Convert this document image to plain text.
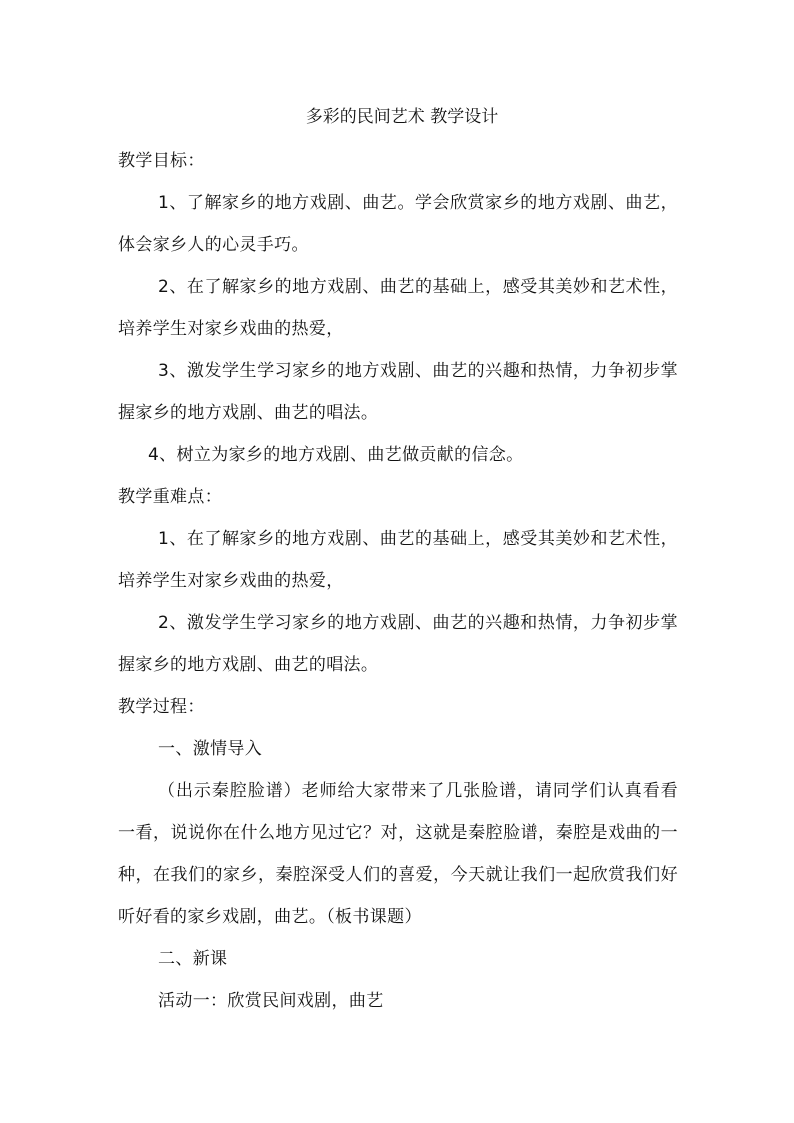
多彩的民间艺术 教学设计

教学目标：

1、了解家乡的地方戏剧、曲艺。学会欣赏家乡的地方戏剧、曲艺，体会家乡人的心灵手巧。

2、在了解家乡的地方戏剧、曲艺的基础上，感受其美妙和艺术性，培养学生对家乡戏曲的热爱，

3、激发学生学习家乡的地方戏剧、曲艺的兴趣和热情，力争初步掌握家乡的地方戏剧、曲艺的唱法。

4、树立为家乡的地方戏剧、曲艺做贡献的信念。

教学重难点：

1、在了解家乡的地方戏剧、曲艺的基础上，感受其美妙和艺术性，培养学生对家乡戏曲的热爱，

2、激发学生学习家乡的地方戏剧、曲艺的兴趣和热情，力争初步掌握家乡的地方戏剧、曲艺的唱法。

教学过程：

一、激情导入

（出示秦腔脸谱）老师给大家带来了几张脸谱，请同学们认真看看一看，说说你在什么地方见过它？对，这就是秦腔脸谱，秦腔是戏曲的一种，在我们的家乡，秦腔深受人们的喜爱，今天就让我们一起欣赏我们好听好看的家乡戏剧，曲艺。（板书课题）

二、新课

活动一：欣赏民间戏剧，曲艺
